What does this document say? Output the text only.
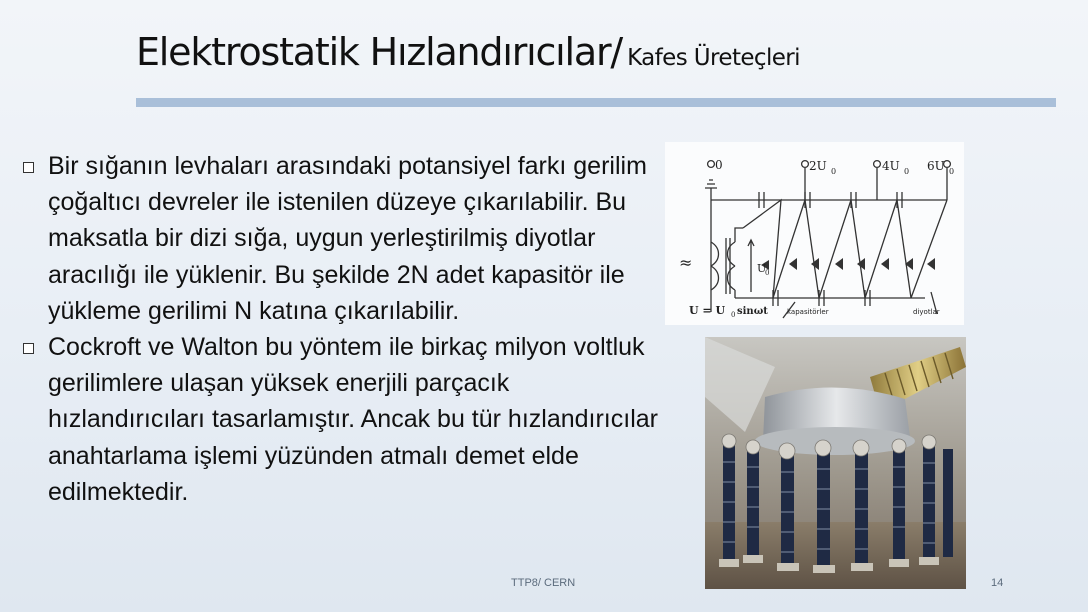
Elektrostatik Hızlandırıcılar/ Kafes Üreteçleri
Bir sığanın levhaları arasındaki potansiyel farkı gerilim çoğaltıcı devreler ile istenilen düzeye çıkarılabilir. Bu maksatla bir dizi sığa, uygun yerleştirilmiş diyotlar aracılığı ile yüklenir. Bu şekilde 2N adet kapasitör ile yükleme gerilimi N katına çıkarılabilir.
Cockroft ve Walton bu yöntem ile birkaç milyon voltluk gerilimlere ulaşan yüksek enerjili parçacık hızlandırıcıları tasarlamıştır. Ancak bu tür hızlandırıcılar anahtarlama işlemi yüzünden atmalı demet elde edilmektedir.
0	2U 0	4U 0 6U 0
U
0
≈
U = U 0 sinωt	kapasitörler	diyotlar
TTP8/ CERN	14
